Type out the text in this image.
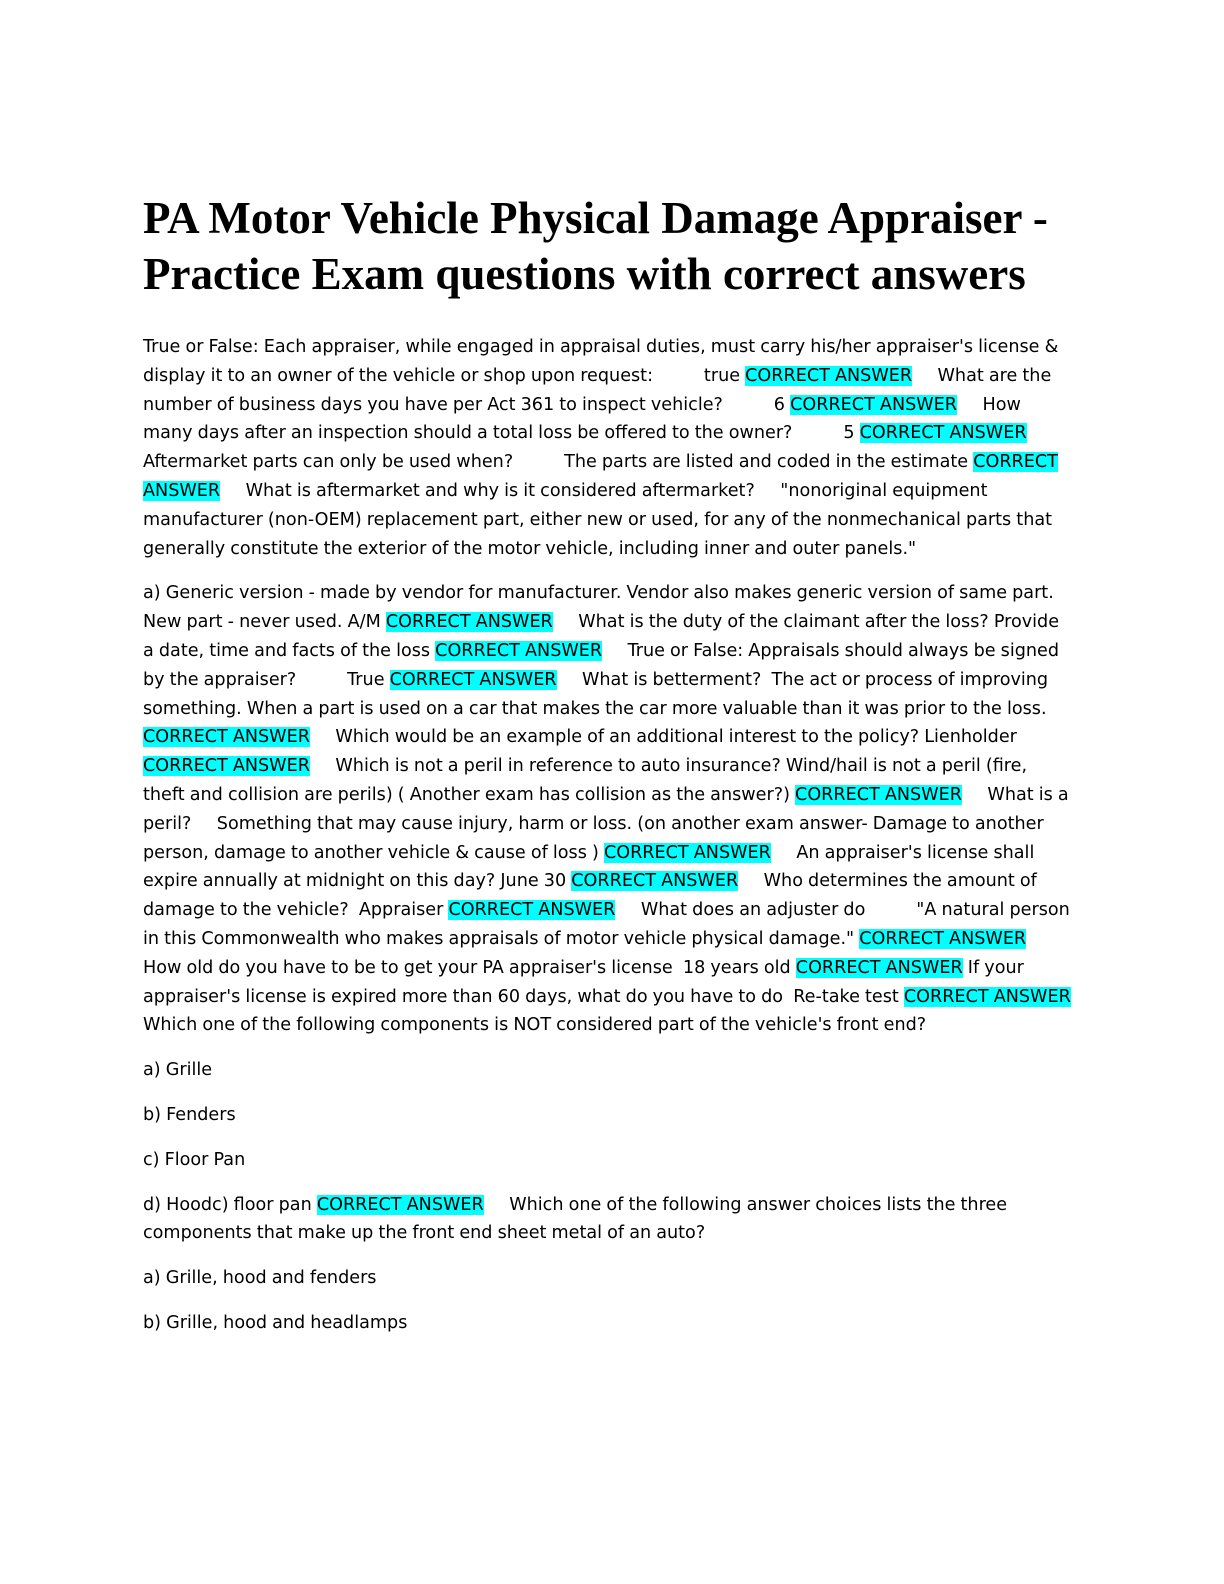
PA Motor Vehicle Physical Damage Appraiser - Practice Exam questions with correct answers

True or False: Each appraiser, while engaged in appraisal duties, must carry his/her appraiser's license & display it to an owner of the vehicle or shop upon request:          true CORRECT ANSWER     What are the number of business days you have per Act 361 to inspect vehicle?          6 CORRECT ANSWER     How many days after an inspection should a total loss be offered to the owner?          5 CORRECT ANSWER Aftermarket parts can only be used when?          The parts are listed and coded in the estimate CORRECT ANSWER     What is aftermarket and why is it considered aftermarket?     "nonoriginal equipment manufacturer (non-OEM) replacement part, either new or used, for any of the nonmechanical parts that generally constitute the exterior of the motor vehicle, including inner and outer panels."

a) Generic version - made by vendor for manufacturer. Vendor also makes generic version of same part. New part - never used. A/M CORRECT ANSWER     What is the duty of the claimant after the loss? Provide a date, time and facts of the loss CORRECT ANSWER     True or False: Appraisals should always be signed by the appraiser?          True CORRECT ANSWER     What is betterment?  The act or process of improving something. When a part is used on a car that makes the car more valuable than it was prior to the loss. CORRECT ANSWER     Which would be an example of an additional interest to the policy? Lienholder CORRECT ANSWER     Which is not a peril in reference to auto insurance? Wind/hail is not a peril (fire, theft and collision are perils) ( Another exam has collision as the answer?) CORRECT ANSWER     What is a peril?     Something that may cause injury, harm or loss. (on another exam answer- Damage to another person, damage to another vehicle & cause of loss ) CORRECT ANSWER     An appraiser's license shall expire annually at midnight on this day? June 30 CORRECT ANSWER     Who determines the amount of damage to the vehicle?  Appraiser CORRECT ANSWER     What does an adjuster do          "A natural person in this Commonwealth who makes appraisals of motor vehicle physical damage." CORRECT ANSWER     How old do you have to be to get your PA appraiser's license  18 years old CORRECT ANSWER If your appraiser's license is expired more than 60 days, what do you have to do  Re-take test CORRECT ANSWER     Which one of the following components is NOT considered part of the vehicle's front end?

a) Grille

b) Fenders

c) Floor Pan

d) Hoodc) floor pan CORRECT ANSWER     Which one of the following answer choices lists the three components that make up the front end sheet metal of an auto?

a) Grille, hood and fenders

b) Grille, hood and headlamps
